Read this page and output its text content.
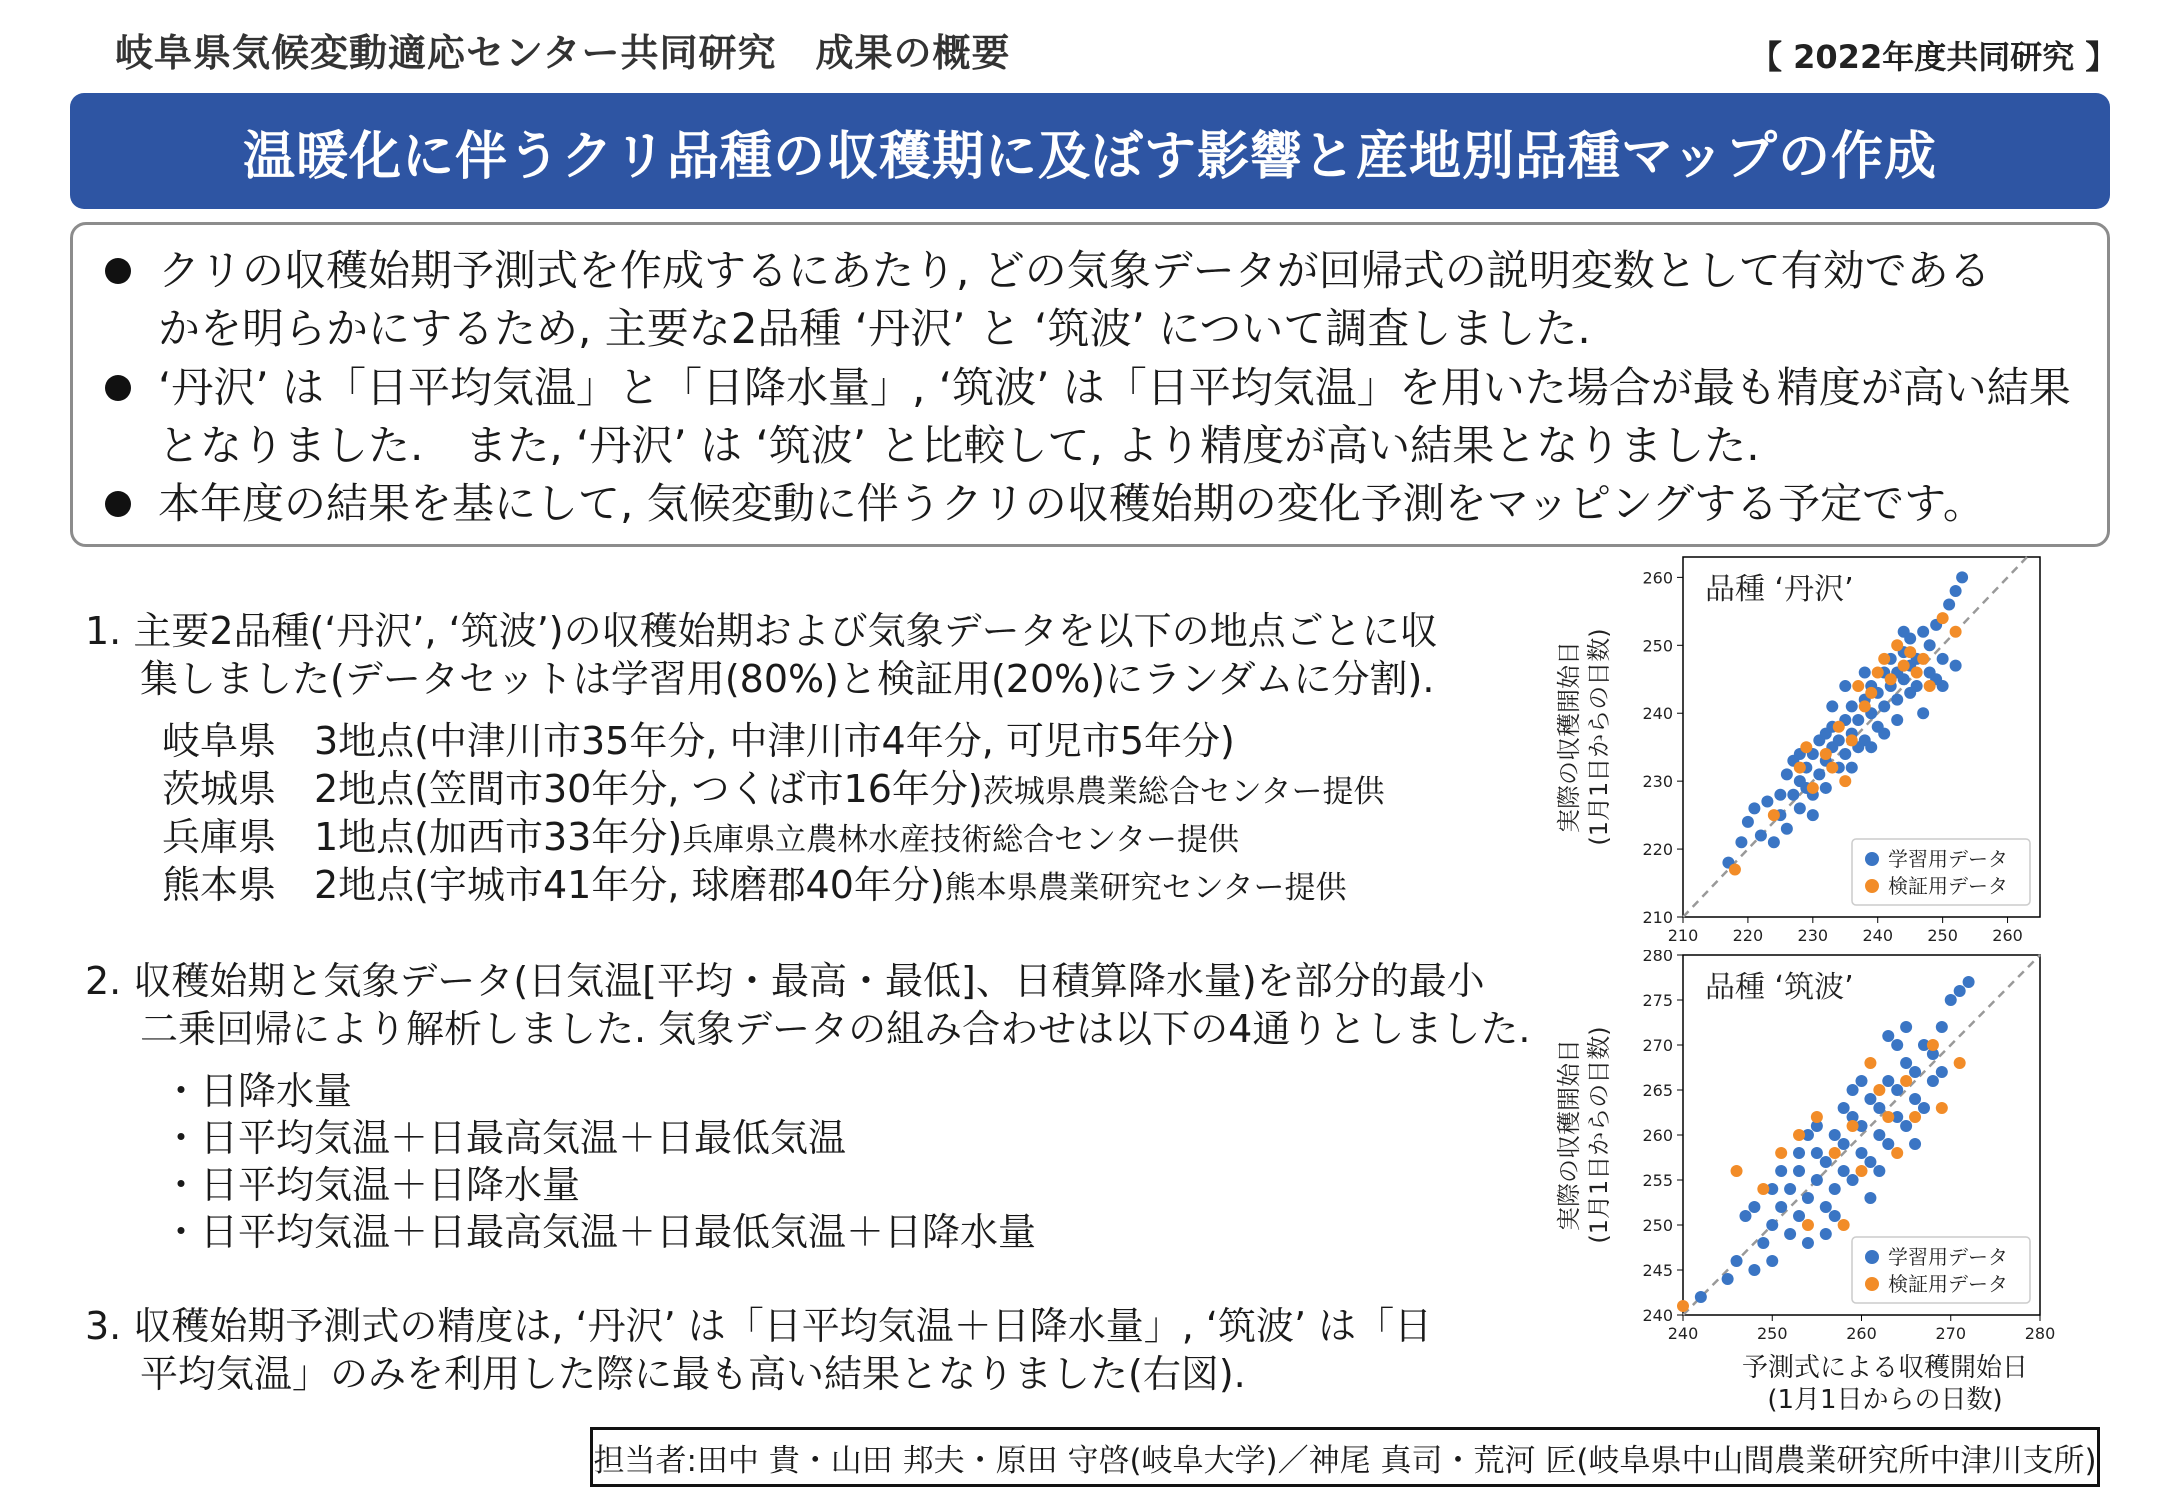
岐阜県気候変動適応センター共同研究　成果の概要	【 2022年度共同研究 】
温暖化に伴うクリ品種の収穫期に及ぼす影響と産地別品種マップの作成
クリの収穫始期予測式を作成するにあたり, どの気象データが回帰式の説明変数として有効である
かを明らかにするため, 主要な2品種 ‘丹沢’ と ‘筑波’ について調査しました.
‘丹沢’ は「日平均気温」と「日降水量」, ‘筑波’ は「日平均気温」を用いた場合が最も精度が高い結果
となりました.　また, ‘丹沢’ は ‘筑波’ と比較して, より精度が高い結果となりました.
本年度の結果を基にして, 気候変動に伴うクリの収穫始期の変化予測をマッピングする予定です。
1. 主要2品種(‘丹沢’, ‘筑波’)の収穫始期および気象データを以下の地点ごとに収
集しました(データセットは学習用(80%)と検証用(20%)にランダムに分割).
岐阜県　3地点(中津川市35年分, 中津川市4年分, 可児市5年分)
茨城県　2地点(笠間市30年分, つくば市16年分)茨城県農業総合センター提供
兵庫県　1地点(加西市33年分)兵庫県立農林水産技術総合センター提供
熊本県　2地点(宇城市41年分, 球磨郡40年分)熊本県農業研究センター提供
2. 収穫始期と気象データ(日気温[平均・最高・最低]、日積算降水量)を部分的最小
二乗回帰により解析しました. 気象データの組み合わせは以下の4通りとしました.
・日降水量
・日平均気温＋日最高気温＋日最低気温
・日平均気温＋日降水量
・日平均気温＋日最高気温＋日最低気温＋日降水量
3. 収穫始期予測式の精度は, ‘丹沢’ は「日平均気温＋日降水量」, ‘筑波’ は「日
平均気温」のみを利用した際に最も高い結果となりました(右図).
210 220 230 240 250 260
210
220
230
240
250
260 品種 ‘丹沢’
実際の収穫開始日 (1月1日からの日数)
学習用データ
検証用データ
240	250	260	270	280
240
245
250
255
260
265
270
275
280
品種 ‘筑波’
実際の収穫開始日 (1月1日からの日数)
学習用データ
検証用データ
予測式による収穫開始日
(1月1日からの日数)
担当者:田中 貴・山田 邦夫・原田 守啓(岐阜大学)／神尾 真司・荒河 匠(岐阜県中山間農業研究所中津川支所)
